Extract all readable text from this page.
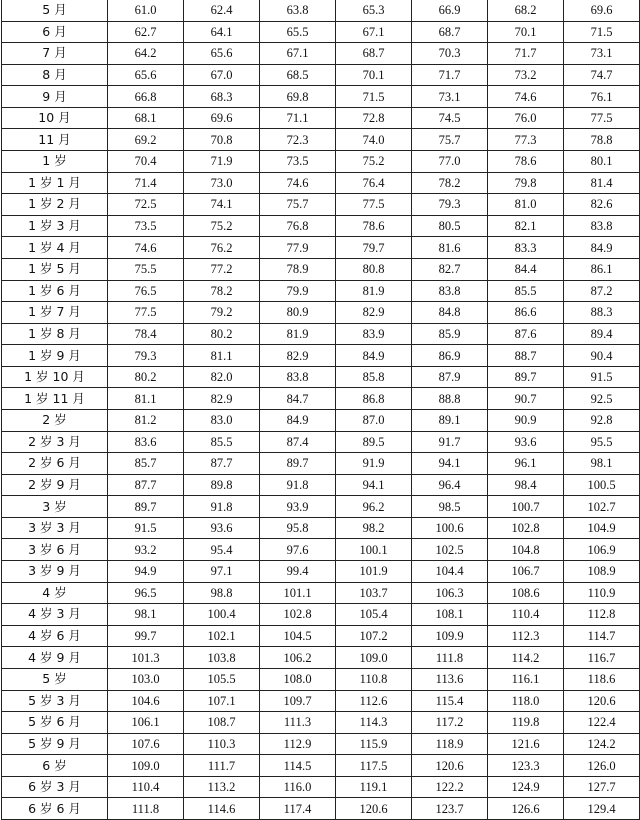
5 月	61.0	62.4	63.8	65.3	66.9	68.2	69.6
6 月	62.7	64.1	65.5	67.1	68.7	70.1	71.5
7 月	64.2	65.6	67.1	68.7	70.3	71.7	73.1
8 月	65.6	67.0	68.5	70.1	71.7	73.2	74.7
9 月	66.8	68.3	69.8	71.5	73.1	74.6	76.1
10 月	68.1	69.6	71.1	72.8	74.5	76.0	77.5
11 月	69.2	70.8	72.3	74.0	75.7	77.3	78.8
1 岁	70.4	71.9	73.5	75.2	77.0	78.6	80.1
1 岁 1 月	71.4	73.0	74.6	76.4	78.2	79.8	81.4
1 岁 2 月	72.5	74.1	75.7	77.5	79.3	81.0	82.6
1 岁 3 月	73.5	75.2	76.8	78.6	80.5	82.1	83.8
1 岁 4 月	74.6	76.2	77.9	79.7	81.6	83.3	84.9
1 岁 5 月	75.5	77.2	78.9	80.8	82.7	84.4	86.1
1 岁 6 月	76.5	78.2	79.9	81.9	83.8	85.5	87.2
1 岁 7 月	77.5	79.2	80.9	82.9	84.8	86.6	88.3
1 岁 8 月	78.4	80.2	81.9	83.9	85.9	87.6	89.4
1 岁 9 月	79.3	81.1	82.9	84.9	86.9	88.7	90.4
1 岁 10 月	80.2	82.0	83.8	85.8	87.9	89.7	91.5
1 岁 11 月	81.1	82.9	84.7	86.8	88.8	90.7	92.5
2 岁	81.2	83.0	84.9	87.0	89.1	90.9	92.8
2 岁 3 月	83.6	85.5	87.4	89.5	91.7	93.6	95.5
2 岁 6 月	85.7	87.7	89.7	91.9	94.1	96.1	98.1
2 岁 9 月	87.7	89.8	91.8	94.1	96.4	98.4	100.5
3 岁	89.7	91.8	93.9	96.2	98.5	100.7	102.7
3 岁 3 月	91.5	93.6	95.8	98.2	100.6	102.8	104.9
3 岁 6 月	93.2	95.4	97.6	100.1	102.5	104.8	106.9
3 岁 9 月	94.9	97.1	99.4	101.9	104.4	106.7	108.9
4 岁	96.5	98.8	101.1	103.7	106.3	108.6	110.9
4 岁 3 月	98.1	100.4	102.8	105.4	108.1	110.4	112.8
4 岁 6 月	99.7	102.1	104.5	107.2	109.9	112.3	114.7
4 岁 9 月	101.3	103.8	106.2	109.0	111.8	114.2	116.7
5 岁	103.0	105.5	108.0	110.8	113.6	116.1	118.6
5 岁 3 月	104.6	107.1	109.7	112.6	115.4	118.0	120.6
5 岁 6 月	106.1	108.7	111.3	114.3	117.2	119.8	122.4
5 岁 9 月	107.6	110.3	112.9	115.9	118.9	121.6	124.2
6 岁	109.0	111.7	114.5	117.5	120.6	123.3	126.0
6 岁 3 月	110.4	113.2	116.0	119.1	122.2	124.9	127.7
6 岁 6 月	111.8	114.6	117.4	120.6	123.7	126.6	129.4
